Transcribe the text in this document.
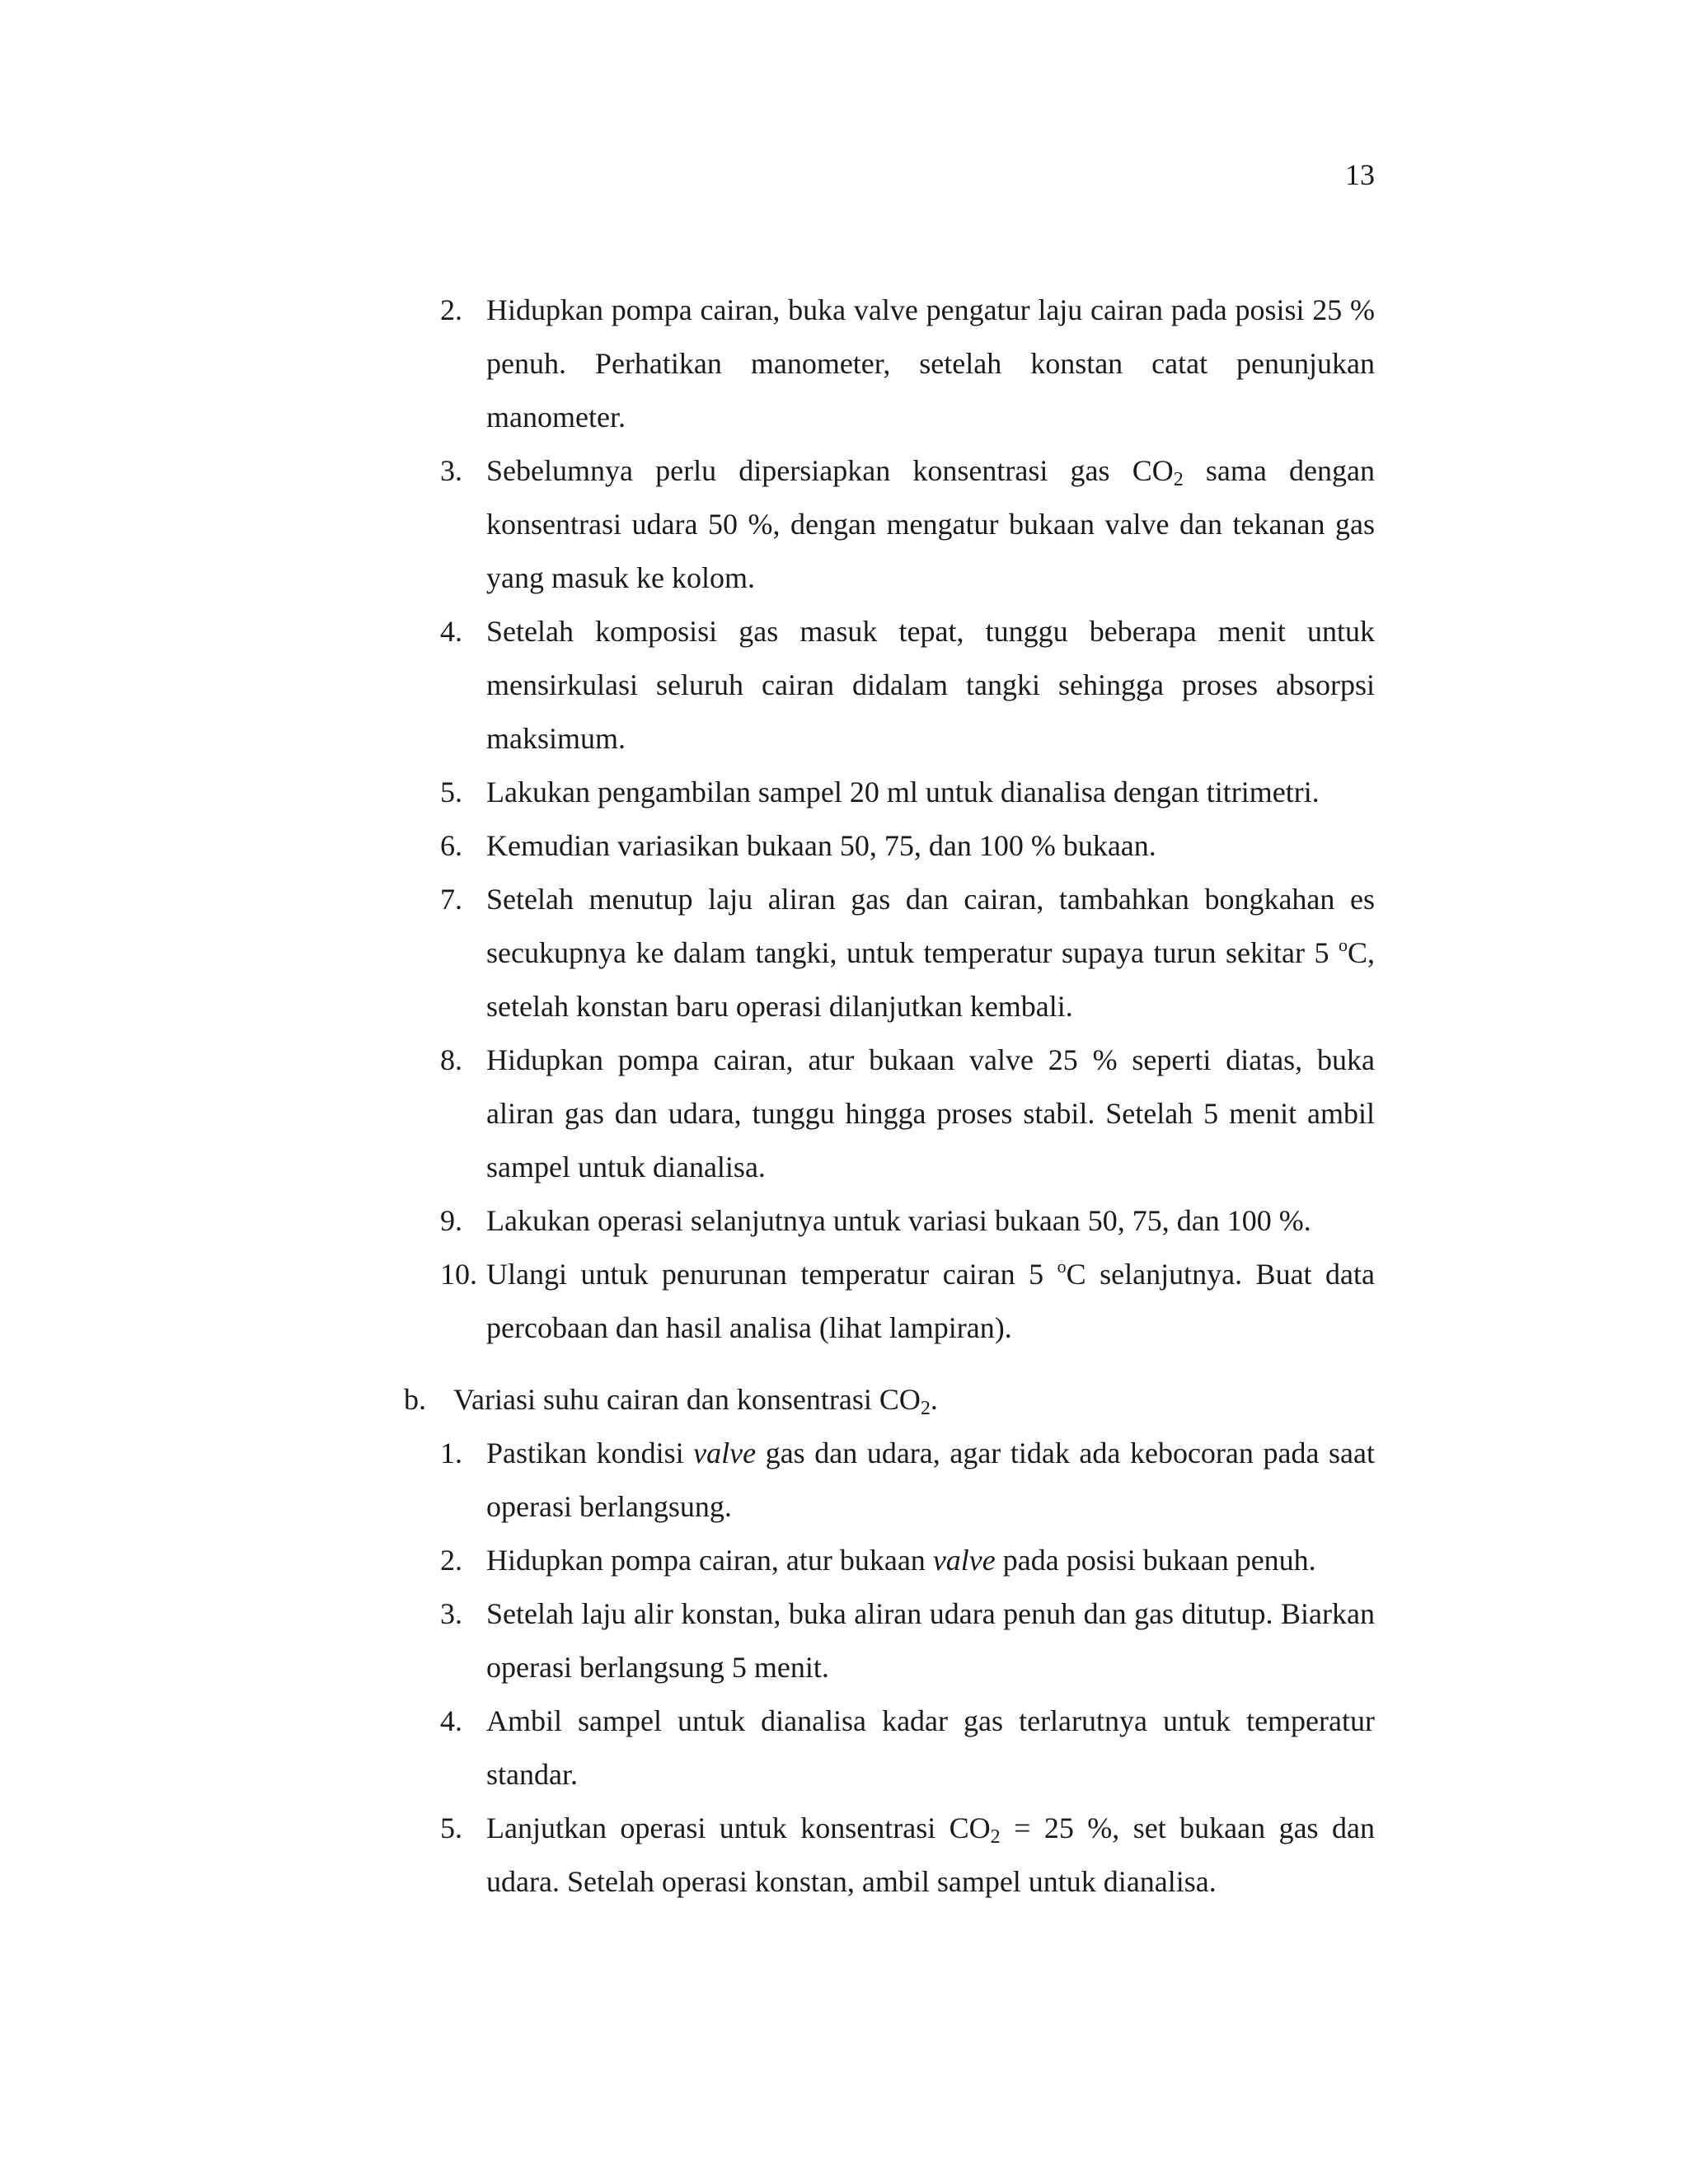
13
2. Hidupkan pompa cairan, buka valve pengatur laju cairan pada posisi 25 % penuh. Perhatikan manometer, setelah konstan catat penunjukan manometer.
3. Sebelumnya perlu dipersiapkan konsentrasi gas $CO_2$ sama dengan konsentrasi udara 50 %, dengan mengatur bukaan valve dan tekanan gas yang masuk ke kolom.
4. Setelah komposisi gas masuk tepat, tunggu beberapa menit untuk mensirkulasi seluruh cairan didalam tangki sehingga proses absorpsi maksimum.
5. Lakukan pengambilan sampel 20 ml untuk dianalisa dengan titrimetri.
6. Kemudian variasikan bukaan 50, 75, dan 100 % bukaan.
7. Setelah menutup laju aliran gas dan cairan, tambahkan bongkahan es secukupnya ke dalam tangki, untuk temperatur supaya turun sekitar 5 $^o$C, setelah konstan baru operasi dilanjutkan kembali.
8. Hidupkan pompa cairan, atur bukaan valve 25 % seperti diatas, buka aliran gas dan udara, tunggu hingga proses stabil. Setelah 5 menit ambil sampel untuk dianalisa.
9. Lakukan operasi selanjutnya untuk variasi bukaan 50, 75, dan 100 %.
10. Ulangi untuk penurunan temperatur cairan 5 $^o$C selanjutnya. Buat data percobaan dan hasil analisa (lihat lampiran).
b. Variasi suhu cairan dan konsentrasi $CO_2$.
1. Pastikan kondisi valve gas dan udara, agar tidak ada kebocoran pada saat operasi berlangsung.
2. Hidupkan pompa cairan, atur bukaan valve pada posisi bukaan penuh.
3. Setelah laju alir konstan, buka aliran udara penuh dan gas ditutup. Biarkan operasi berlangsung 5 menit.
4. Ambil sampel untuk dianalisa kadar gas terlarutnya untuk temperatur standar.
5. Lanjutkan operasi untuk konsentrasi $CO_2 = 25$ %, set bukaan gas dan udara. Setelah operasi konstan, ambil sampel untuk dianalisa.
